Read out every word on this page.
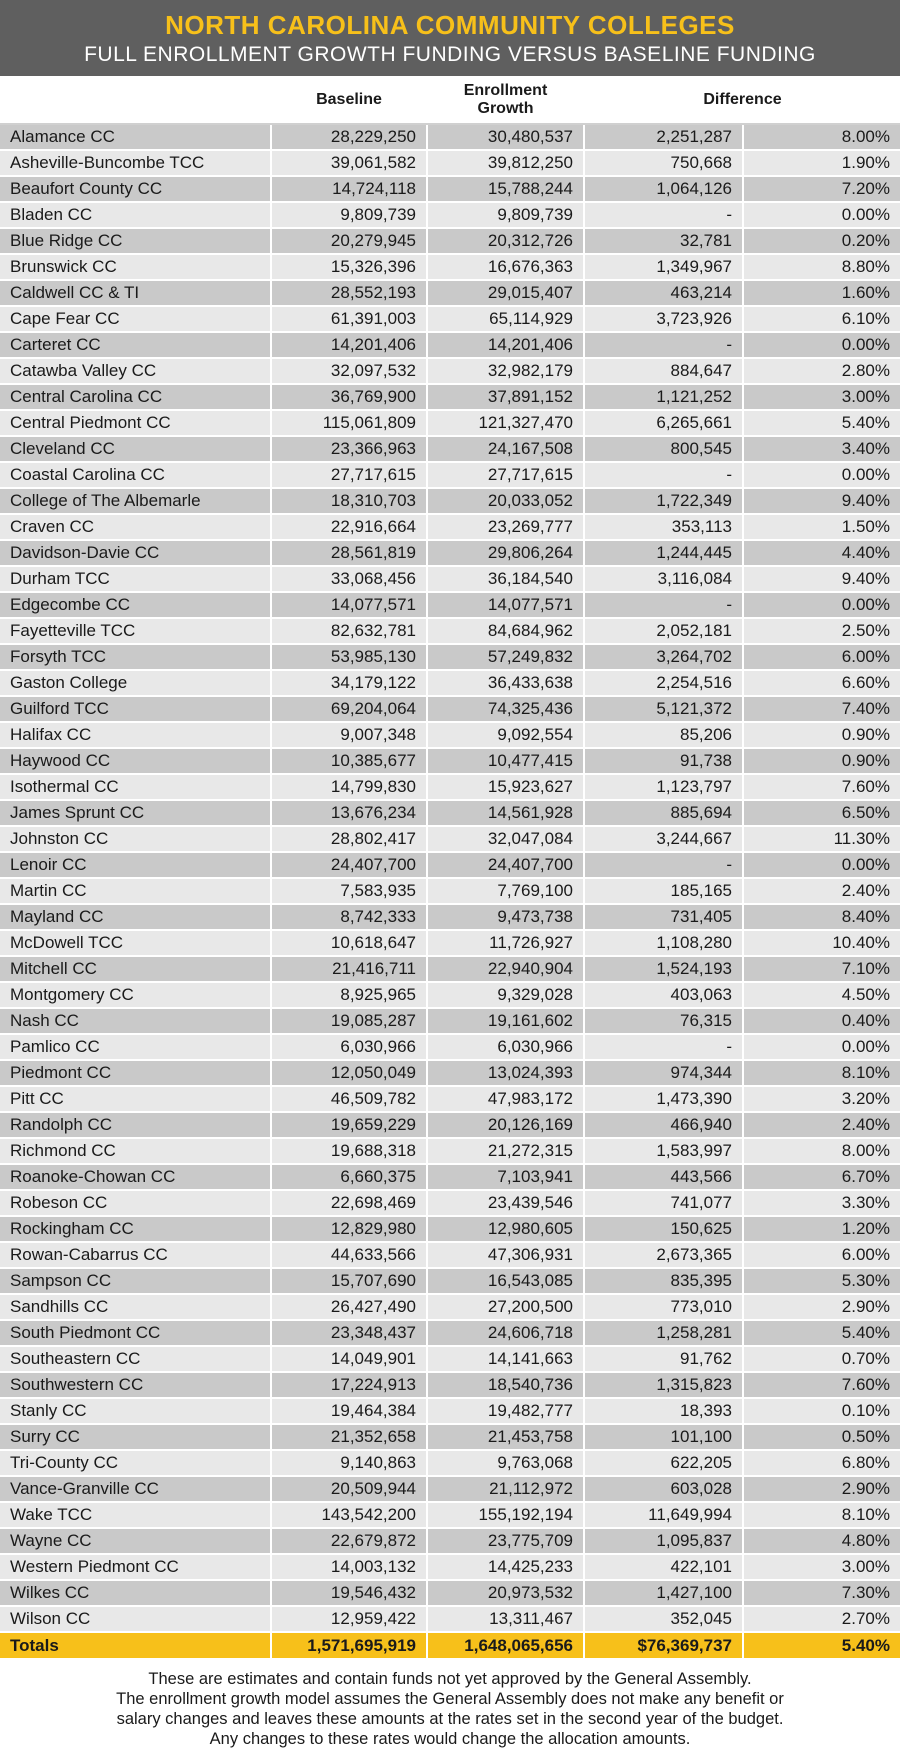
NORTH CAROLINA COMMUNITY COLLEGES
FULL ENROLLMENT GROWTH FUNDING VERSUS BASELINE FUNDING
	Baseline	Enrollment Growth	Difference	
Alamance CC	28,229,250	30,480,537	2,251,287	8.00%
Asheville-Buncombe TCC	39,061,582	39,812,250	750,668	1.90%
Beaufort County CC	14,724,118	15,788,244	1,064,126	7.20%
Bladen CC	9,809,739	9,809,739	-	0.00%
Blue Ridge CC	20,279,945	20,312,726	32,781	0.20%
Brunswick CC	15,326,396	16,676,363	1,349,967	8.80%
Caldwell CC & TI	28,552,193	29,015,407	463,214	1.60%
Cape Fear CC	61,391,003	65,114,929	3,723,926	6.10%
Carteret CC	14,201,406	14,201,406	-	0.00%
Catawba Valley CC	32,097,532	32,982,179	884,647	2.80%
Central Carolina CC	36,769,900	37,891,152	1,121,252	3.00%
Central Piedmont CC	115,061,809	121,327,470	6,265,661	5.40%
Cleveland CC	23,366,963	24,167,508	800,545	3.40%
Coastal Carolina CC	27,717,615	27,717,615	-	0.00%
College of The Albemarle	18,310,703	20,033,052	1,722,349	9.40%
Craven CC	22,916,664	23,269,777	353,113	1.50%
Davidson-Davie CC	28,561,819	29,806,264	1,244,445	4.40%
Durham TCC	33,068,456	36,184,540	3,116,084	9.40%
Edgecombe CC	14,077,571	14,077,571	-	0.00%
Fayetteville TCC	82,632,781	84,684,962	2,052,181	2.50%
Forsyth TCC	53,985,130	57,249,832	3,264,702	6.00%
Gaston College	34,179,122	36,433,638	2,254,516	6.60%
Guilford TCC	69,204,064	74,325,436	5,121,372	7.40%
Halifax CC	9,007,348	9,092,554	85,206	0.90%
Haywood CC	10,385,677	10,477,415	91,738	0.90%
Isothermal CC	14,799,830	15,923,627	1,123,797	7.60%
James Sprunt CC	13,676,234	14,561,928	885,694	6.50%
Johnston CC	28,802,417	32,047,084	3,244,667	11.30%
Lenoir CC	24,407,700	24,407,700	-	0.00%
Martin CC	7,583,935	7,769,100	185,165	2.40%
Mayland CC	8,742,333	9,473,738	731,405	8.40%
McDowell TCC	10,618,647	11,726,927	1,108,280	10.40%
Mitchell CC	21,416,711	22,940,904	1,524,193	7.10%
Montgomery CC	8,925,965	9,329,028	403,063	4.50%
Nash CC	19,085,287	19,161,602	76,315	0.40%
Pamlico CC	6,030,966	6,030,966	-	0.00%
Piedmont CC	12,050,049	13,024,393	974,344	8.10%
Pitt CC	46,509,782	47,983,172	1,473,390	3.20%
Randolph CC	19,659,229	20,126,169	466,940	2.40%
Richmond CC	19,688,318	21,272,315	1,583,997	8.00%
Roanoke-Chowan CC	6,660,375	7,103,941	443,566	6.70%
Robeson CC	22,698,469	23,439,546	741,077	3.30%
Rockingham CC	12,829,980	12,980,605	150,625	1.20%
Rowan-Cabarrus CC	44,633,566	47,306,931	2,673,365	6.00%
Sampson CC	15,707,690	16,543,085	835,395	5.30%
Sandhills CC	26,427,490	27,200,500	773,010	2.90%
South Piedmont CC	23,348,437	24,606,718	1,258,281	5.40%
Southeastern CC	14,049,901	14,141,663	91,762	0.70%
Southwestern CC	17,224,913	18,540,736	1,315,823	7.60%
Stanly CC	19,464,384	19,482,777	18,393	0.10%
Surry CC	21,352,658	21,453,758	101,100	0.50%
Tri-County CC	9,140,863	9,763,068	622,205	6.80%
Vance-Granville CC	20,509,944	21,112,972	603,028	2.90%
Wake TCC	143,542,200	155,192,194	11,649,994	8.10%
Wayne CC	22,679,872	23,775,709	1,095,837	4.80%
Western Piedmont CC	14,003,132	14,425,233	422,101	3.00%
Wilkes CC	19,546,432	20,973,532	1,427,100	7.30%
Wilson CC	12,959,422	13,311,467	352,045	2.70%
Totals	1,571,695,919	1,648,065,656	$76,369,737	5.40%
These are estimates and contain funds not yet approved by the General Assembly.
The enrollment growth model assumes the General Assembly does not make any benefit or
salary changes and leaves these amounts at the rates set in the second year of the budget.
Any changes to these rates would change the allocation amounts.
